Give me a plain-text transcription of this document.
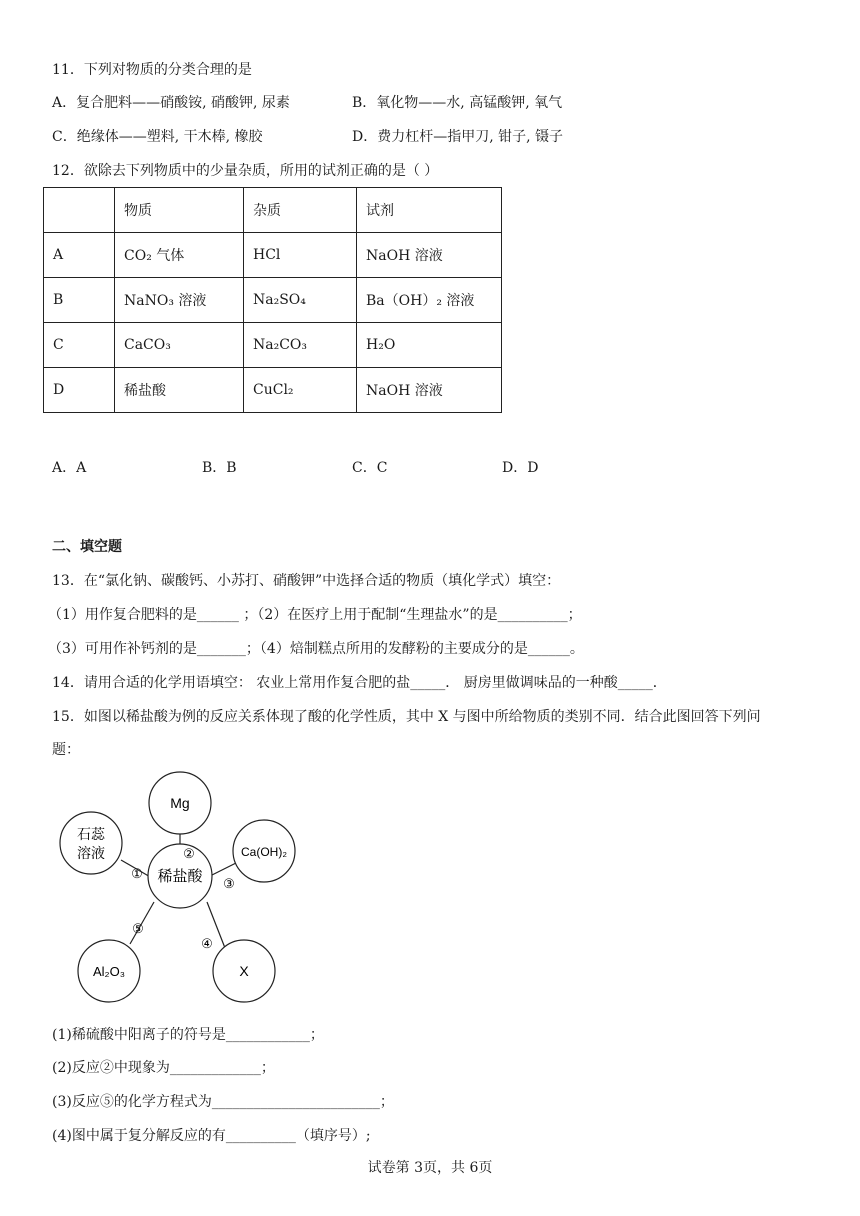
11．下列对物质的分类合理的是
A．复合肥料——硝酸铵, 硝酸钾, 尿素	B．氧化物——水, 高锰酸钾, 氧气
C．绝缘体——塑料, 干木棒, 橡胶	D．费力杠杆—指甲刀, 钳子, 镊子
12．欲除去下列物质中的少量杂质，所用的试剂正确的是（ ）
	物质	杂质	试剂
A	CO₂ 气体	HCl	NaOH 溶液
B	NaNO₃ 溶液	Na₂SO₄	Ba（OH）₂ 溶液
C	CaCO₃	Na₂CO₃	H₂O
D	稀盐酸	CuCl₂	NaOH 溶液
A．A	B．B	C．C	D．D
二、填空题
13．在“氯化钠、碳酸钙、小苏打、硝酸钾”中选择合适的物质（填化学式）填空：
（1）用作复合肥料的是______ ；（2）在医疗上用于配制“生理盐水”的是__________；
（3）可用作补钙剂的是_______；（4）焙制糕点所用的发酵粉的主要成分的是______。
14．请用合适的化学用语填空： 农业上常用作复合肥的盐_____． 厨房里做调味品的一种酸_____．
15．如图以稀盐酸为例的反应关系体现了酸的化学性质，其中 X 与图中所给物质的类别不同．结合此图回答下列问
题：
Mg
石蕊
溶液	Ca(OH)₂
稀盐酸
Al₂O₃	X
①
②
③
④
⑤
(1)稀硫酸中阳离子的符号是____________；
(2)反应②中现象为_____________；
(3)反应⑤的化学方程式为________________________；
(4)图中属于复分解反应的有__________（填序号）;
试卷第 3页，共 6页
